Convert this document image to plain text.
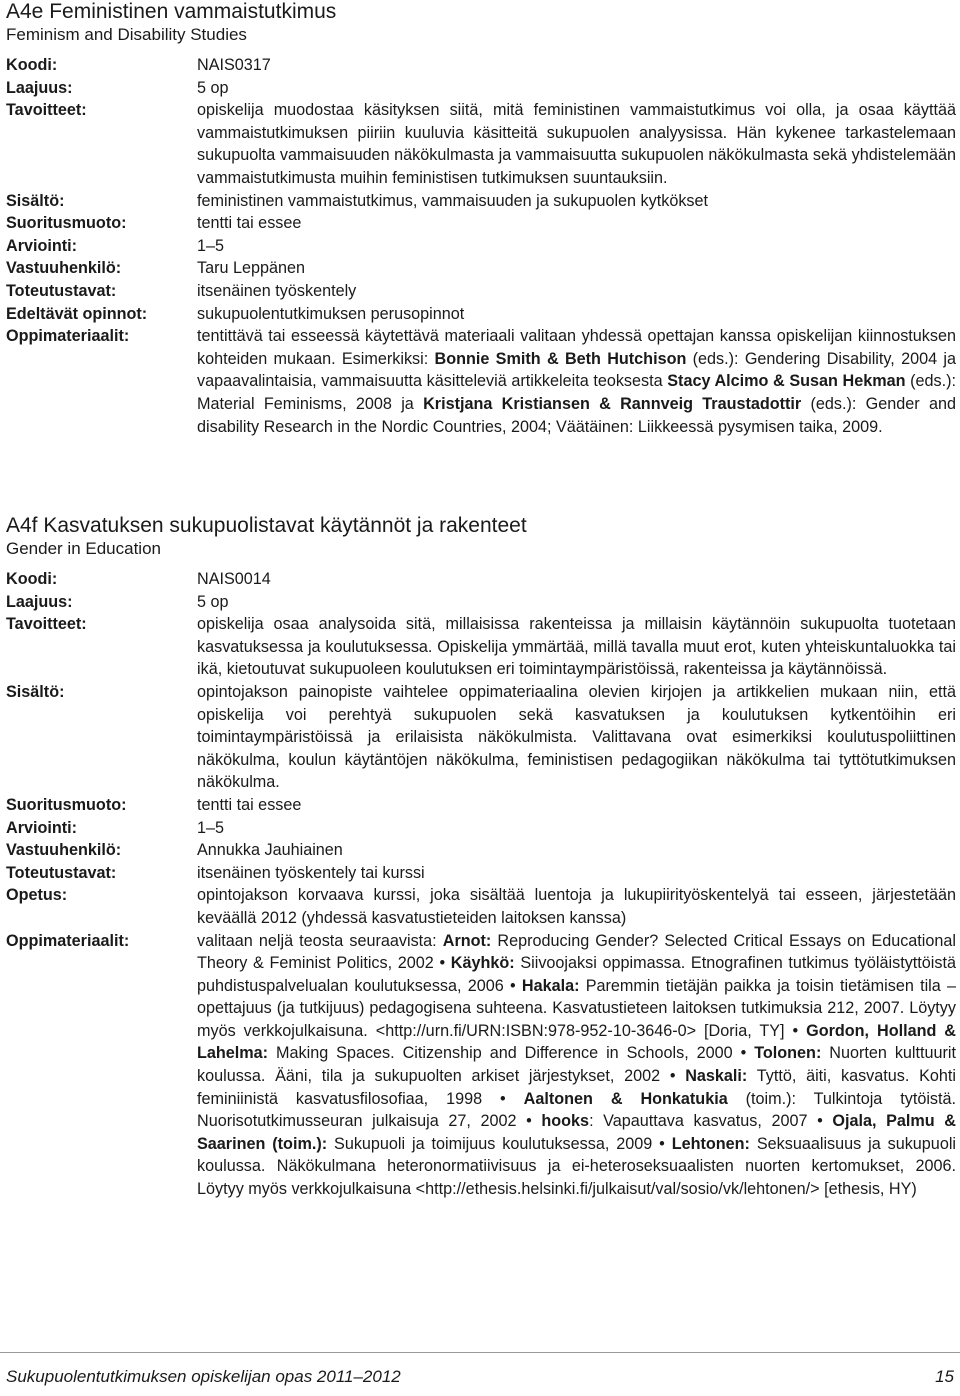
A4e Feministinen vammaistutkimus
Feminism and Disability Studies
Koodi:	NAIS0317
Laajuus:	5 op
Tavoitteet:	opiskelija muodostaa käsityksen siitä, mitä feministinen vammaistutkimus voi olla, ja osaa käyttää vammaistutkimuksen piiriin kuuluvia käsitteitä sukupuolen analyysissa. Hän kykenee tarkastelemaan sukupuolta vammaisuuden näkökulmasta ja vammaisuutta sukupuolen näkökulmasta sekä yhdistelemään vammaistutkimusta muihin feministisen tutkimuksen suuntauksiin.
Sisältö:	feministinen vammaistutkimus, vammaisuuden ja sukupuolen kytkökset
Suoritusmuoto:	tentti tai essee
Arviointi:	1–5
Vastuuhenkilö:	Taru Leppänen
Toteutustavat:	itsenäinen työskentely
Edeltävät opinnot:	sukupuolentutkimuksen perusopinnot
Oppimateriaalit:	tentittävä tai esseessä käytettävä materiaali valitaan yhdessä opettajan kanssa opiskelijan kiinnostuksen kohteiden mukaan. Esimerkiksi: Bonnie Smith & Beth Hutchison (eds.): Gendering Disability, 2004 ja vapaavalintaisia, vammaisuutta käsitteleviä artikkeleita teoksesta Stacy Alcimo & Susan Hekman (eds.): Material Feminisms, 2008 ja Kristjana Kristiansen & Rannveig Traustadottir (eds.): Gender and disability Research in the Nordic Countries, 2004; Väätäinen: Liikkeessä pysymisen taika, 2009.
A4f Kasvatuksen sukupuolistavat käytännöt ja rakenteet
Gender in Education
Koodi:	NAIS0014
Laajuus:	5 op
Tavoitteet:	opiskelija osaa analysoida sitä, millaisissa rakenteissa ja millaisin käytännöin sukupuolta tuotetaan kasvatuksessa ja koulutuksessa. Opiskelija ymmärtää, millä tavalla muut erot, kuten yhteiskuntaluokka tai ikä, kietoutuvat sukupuoleen koulutuksen eri toimintaympäristöissä, rakenteissa ja käytännöissä.
Sisältö:	opintojakson painopiste vaihtelee oppimateriaalina olevien kirjojen ja artikkelien mukaan niin, että opiskelija voi perehtyä sukupuolen sekä kasvatuksen ja koulutuksen kytkentöihin eri toimintaympäristöissä ja erilaisista näkökulmista. Valittavana ovat esimerkiksi koulutuspoliittinen näkökulma, koulun käytäntöjen näkökulma, feministisen pedagogiikan näkökulma tai tyttötutkimuksen näkökulma.
Suoritusmuoto:	tentti tai essee
Arviointi:	1–5
Vastuuhenkilö:	Annukka Jauhiainen
Toteutustavat:	itsenäinen työskentely tai kurssi
Opetus:	opintojakson korvaava kurssi, joka sisältää luentoja ja lukupiirityöskentelyä tai esseen, järjestetään keväällä 2012 (yhdessä kasvatustieteiden laitoksen kanssa)
Oppimateriaalit:	valitaan neljä teosta seuraavista: Arnot: Reproducing Gender? Selected Critical Essays on Educational Theory & Feminist Politics, 2002 • Käyhkö: Siivoojaksi oppimassa. Etnografinen tutkimus työläistyttöistä puhdistuspalvelualan koulutuksessa, 2006 • Hakala: Paremmin tietäjän paikka ja toisin tietämisen tila – opettajuus (ja tutkijuus) pedagogisena suhteena. Kasvatustieteen laitoksen tutkimuksia 212, 2007. Löytyy myös verkkojulkaisuna. <http://urn.fi/URN:ISBN:978-952-10-3646-0> [Doria, TY] • Gordon, Holland & Lahelma: Making Spaces. Citizenship and Difference in Schools, 2000 • Tolonen: Nuorten kulttuurit koulussa. Ääni, tila ja sukupuolten arkiset järjestykset, 2002 • Naskali: Tyttö, äiti, kasvatus. Kohti feminiinistä kasvatusfilosofiaa, 1998 • Aaltonen & Honkatukia (toim.): Tulkintoja tytöistä. Nuorisotutkimusseuran julkaisuja 27, 2002 • hooks: Vapauttava kasvatus, 2007 • Ojala, Palmu & Saarinen (toim.): Sukupuoli ja toimijuus koulutuksessa, 2009 • Lehtonen: Seksuaalisuus ja sukupuoli koulussa. Näkökulmana heteronormatiivisuus ja ei-heteroseksuaalisten nuorten kertomukset, 2006. Löytyy myös verkkojulkaisuna <http://ethesis.helsinki.fi/julkaisut/val/sosio/vk/lehtonen/> [ethesis, HY)
Sukupuolentutkimuksen opiskelijan opas 2011–2012	15
